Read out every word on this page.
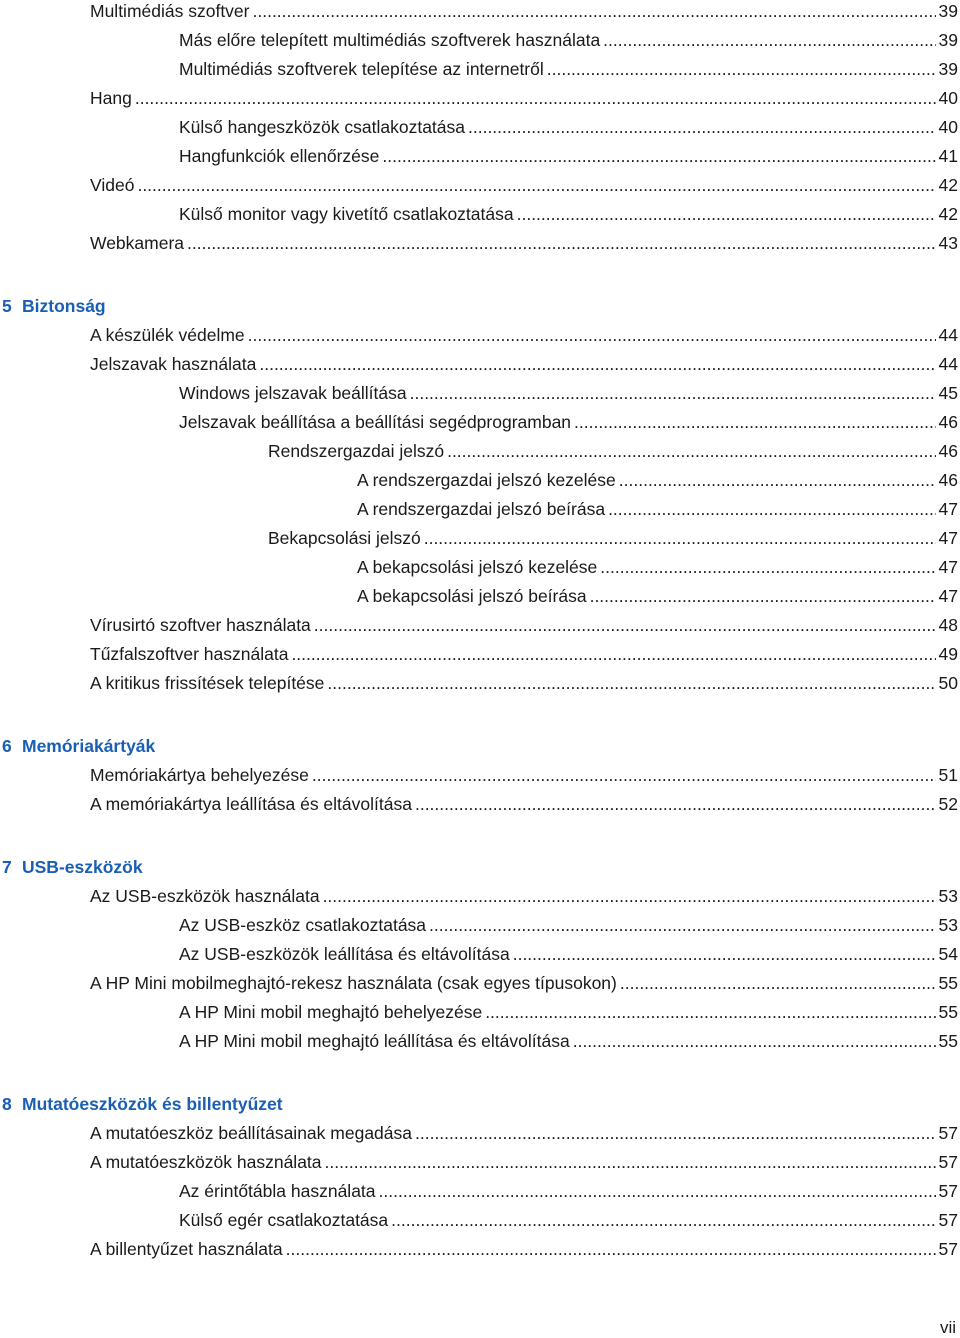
Multimédiás szoftver .....	39
Más előre telepített multimédiás szoftverek használata .....	39
Multimédiás szoftverek telepítése az internetről .....	39
Hang .....	40
Külső hangeszközök csatlakoztatása .....	40
Hangfunkciók ellenőrzése .....	41
Videó .....	42
Külső monitor vagy kivetítő csatlakoztatása .....	42
Webkamera .....	43
5 Biztonság
A készülék védelme .....	44
Jelszavak használata .....	44
Windows jelszavak beállítása .....	45
Jelszavak beállítása a beállítási segédprogramban .....	46
Rendszergazdai jelszó .....	46
A rendszergazdai jelszó kezelése .....	46
A rendszergazdai jelszó beírása .....	47
Bekapcsolási jelszó .....	47
A bekapcsolási jelszó kezelése .....	47
A bekapcsolási jelszó beírása .....	47
Vírusirtó szoftver használata .....	48
Tűzfalszoftver használata .....	49
A kritikus frissítések telepítése .....	50
6 Memóriakártyák
Memóriakártya behelyezése .....	51
A memóriakártya leállítása és eltávolítása .....	52
7 USB-eszközök
Az USB-eszközök használata .....	53
Az USB-eszköz csatlakoztatása .....	53
Az USB-eszközök leállítása és eltávolítása .....	54
A HP Mini mobilmeghajtó-rekesz használata (csak egyes típusokon) .....	55
A HP Mini mobil meghajtó behelyezése .....	55
A HP Mini mobil meghajtó leállítása és eltávolítása .....	55
8 Mutatóeszközök és billentyűzet
A mutatóeszköz beállításainak megadása .....	57
A mutatóeszközök használata .....	57
Az érintőtábla használata .....	57
Külső egér csatlakoztatása .....	57
A billentyűzet használata .....	57
vii
